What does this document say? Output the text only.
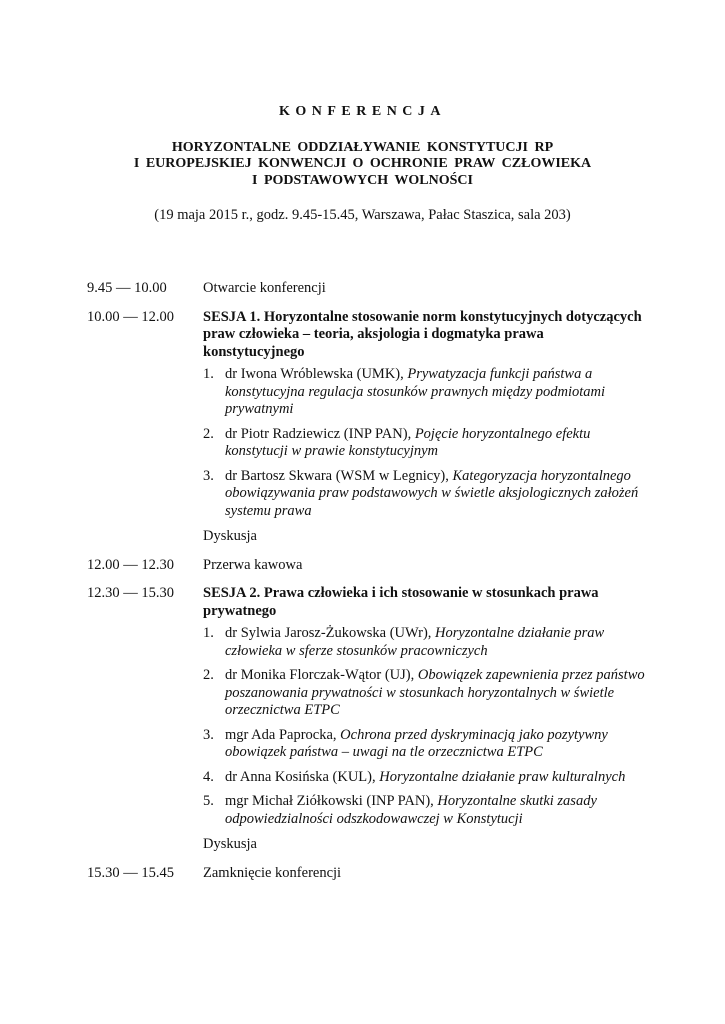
KONFERENCJA
HORYZONTALNE ODDZIAŁYWANIE KONSTYTUCJI RP
I EUROPEJSKIEJ KONWENCJI O OCHRONIE PRAW CZŁOWIEKA
I PODSTAWOWYCH WOLNOŚCI
(19 maja 2015 r., godz. 9.45-15.45, Warszawa, Pałac Staszica, sala 203)
9.45 — 10.00	Otwarcie konferencji
10.00 — 12.00	SESJA 1. Horyzontalne stosowanie norm konstytucyjnych dotyczących praw człowieka – teoria, aksjologia i dogmatyka prawa konstytucyjnego
1. dr Iwona Wróblewska (UMK), Prywatyzacja funkcji państwa a konstytucyjna regulacja stosunków prawnych między podmiotami prywatnymi
2. dr Piotr Radziewicz (INP PAN), Pojęcie horyzontalnego efektu konstytucji w prawie konstytucyjnym
3. dr Bartosz Skwara (WSM w Legnicy), Kategoryzacja horyzontalnego obowiązywania praw podstawowych w świetle aksjologicznych założeń systemu prawa
Dyskusja
12.00 — 12.30	Przerwa kawowa
12.30 — 15.30	SESJA 2. Prawa człowieka i ich stosowanie w stosunkach prawa prywatnego
1. dr Sylwia Jarosz-Żukowska (UWr), Horyzontalne działanie praw człowieka w sferze stosunków pracowniczych
2. dr Monika Florczak-Wątor (UJ), Obowiązek zapewnienia przez państwo poszanowania prywatności w stosunkach horyzontalnych w świetle orzecznictwa ETPC
3. mgr Ada Paprocka, Ochrona przed dyskryminacją jako pozytywny obowiązek państwa – uwagi na tle orzecznictwa ETPC
4. dr Anna Kosińska (KUL), Horyzontalne działanie praw kulturalnych
5. mgr Michał Ziółkowski (INP PAN), Horyzontalne skutki zasady odpowiedzialności odszkodowawczej w Konstytucji
Dyskusja
15.30 — 15.45	Zamknięcie konferencji
